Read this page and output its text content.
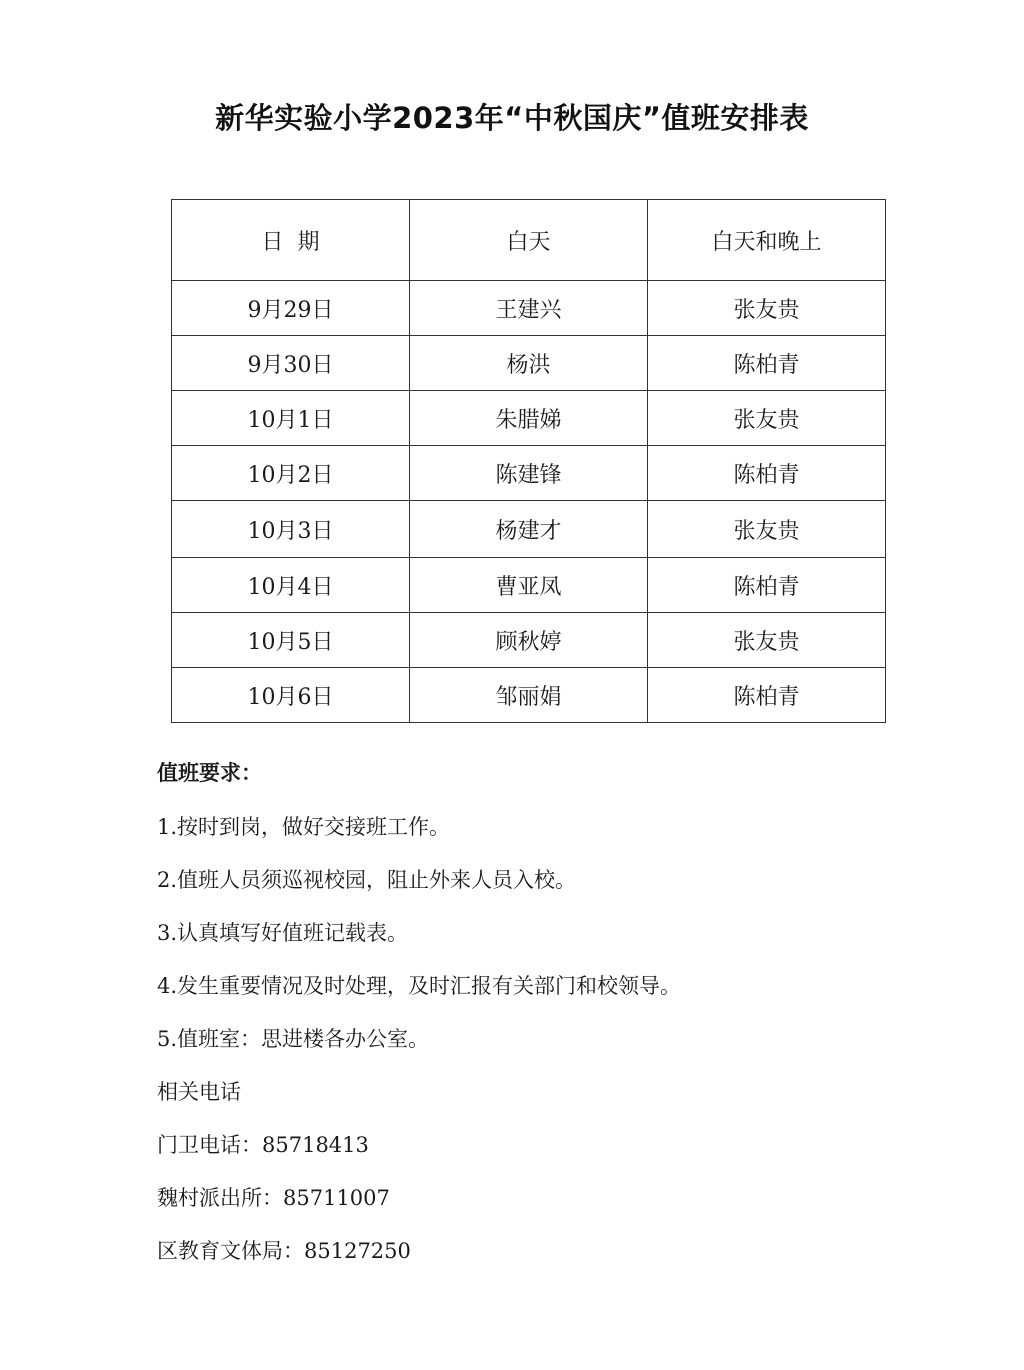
新华实验小学2023年“中秋国庆”值班安排表
日  期	白天	白天和晚上
9月29日	王建兴	张友贵
9月30日	杨洪	陈柏青
10月1日	朱腊娣	张友贵
10月2日	陈建锋	陈柏青
10月3日	杨建才	张友贵
10月4日	曹亚凤	陈柏青
10月5日	顾秋婷	张友贵
10月6日	邹丽娟	陈柏青
值班要求：
1.按时到岗，做好交接班工作。
2.值班人员须巡视校园，阻止外来人员入校。
3.认真填写好值班记载表。
4.发生重要情况及时处理，及时汇报有关部门和校领导。
5.值班室：思进楼各办公室。
相关电话
门卫电话：85718413
魏村派出所：85711007
区教育文体局：85127250
